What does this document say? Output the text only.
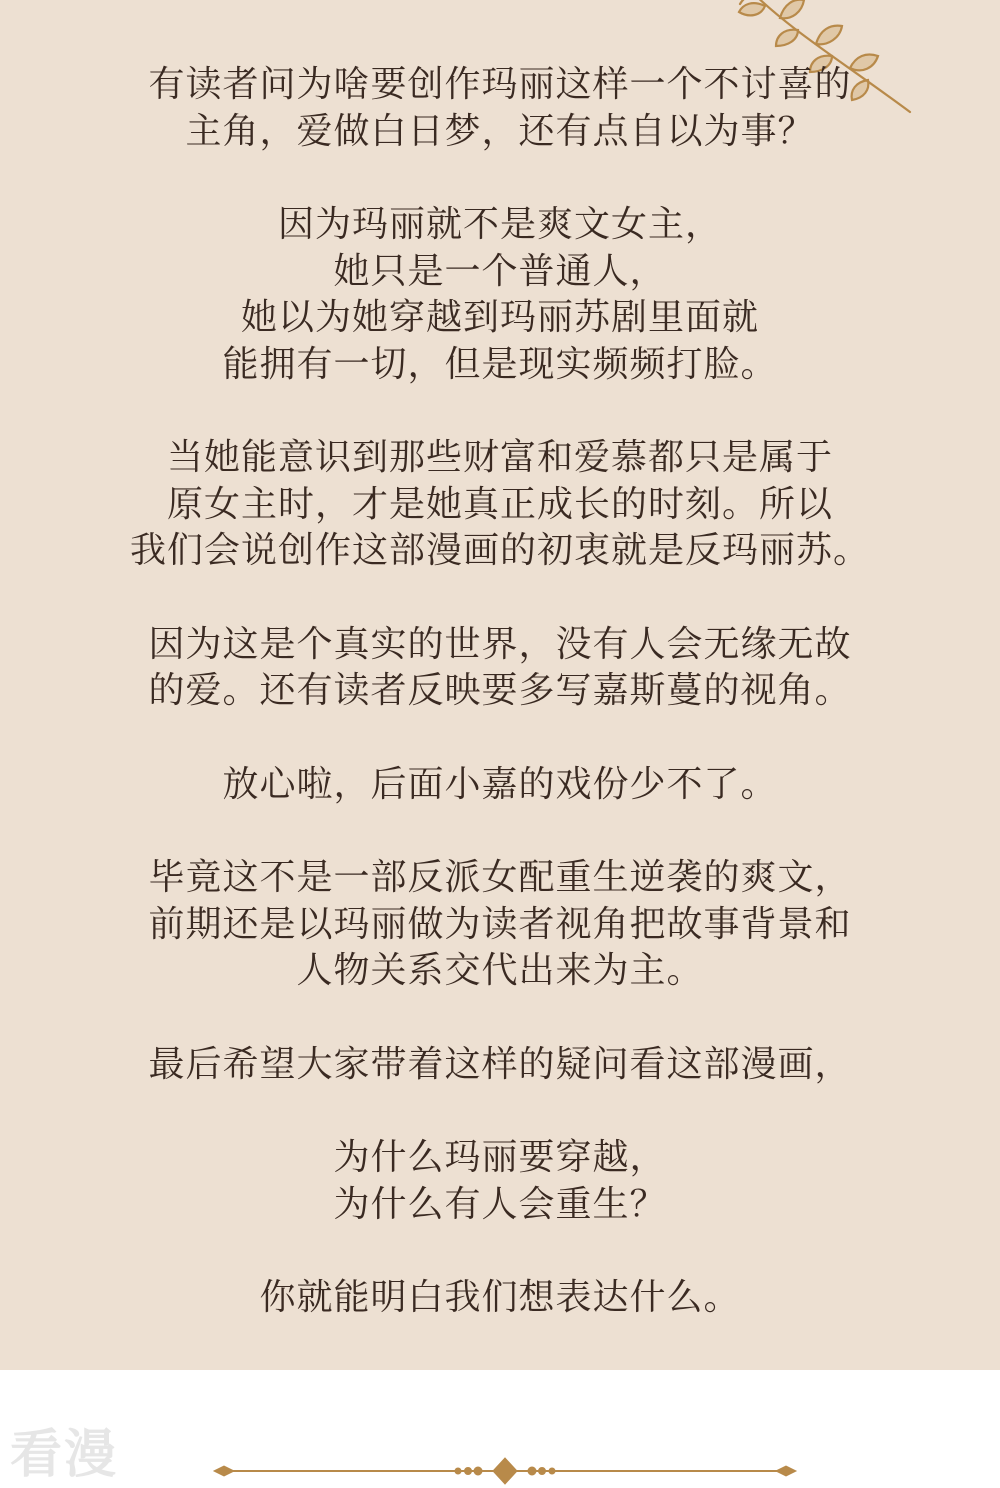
有读者问为啥要创作玛丽这样一个不讨喜的
主角，爱做白日梦，还有点自以为事？
因为玛丽就不是爽文女主，
她只是一个普通人，
她以为她穿越到玛丽苏剧里面就
能拥有一切，但是现实频频打脸。
当她能意识到那些财富和爱慕都只是属于
原女主时，才是她真正成长的时刻。所以
我们会说创作这部漫画的初衷就是反玛丽苏。
因为这是个真实的世界，没有人会无缘无故
的爱。还有读者反映要多写嘉斯蔓的视角。
放心啦，后面小嘉的戏份少不了。
毕竟这不是一部反派女配重生逆袭的爽文，
前期还是以玛丽做为读者视角把故事背景和
人物关系交代出来为主。
最后希望大家带着这样的疑问看这部漫画，
为什么玛丽要穿越，
为什么有人会重生？
你就能明白我们想表达什么。
看漫
